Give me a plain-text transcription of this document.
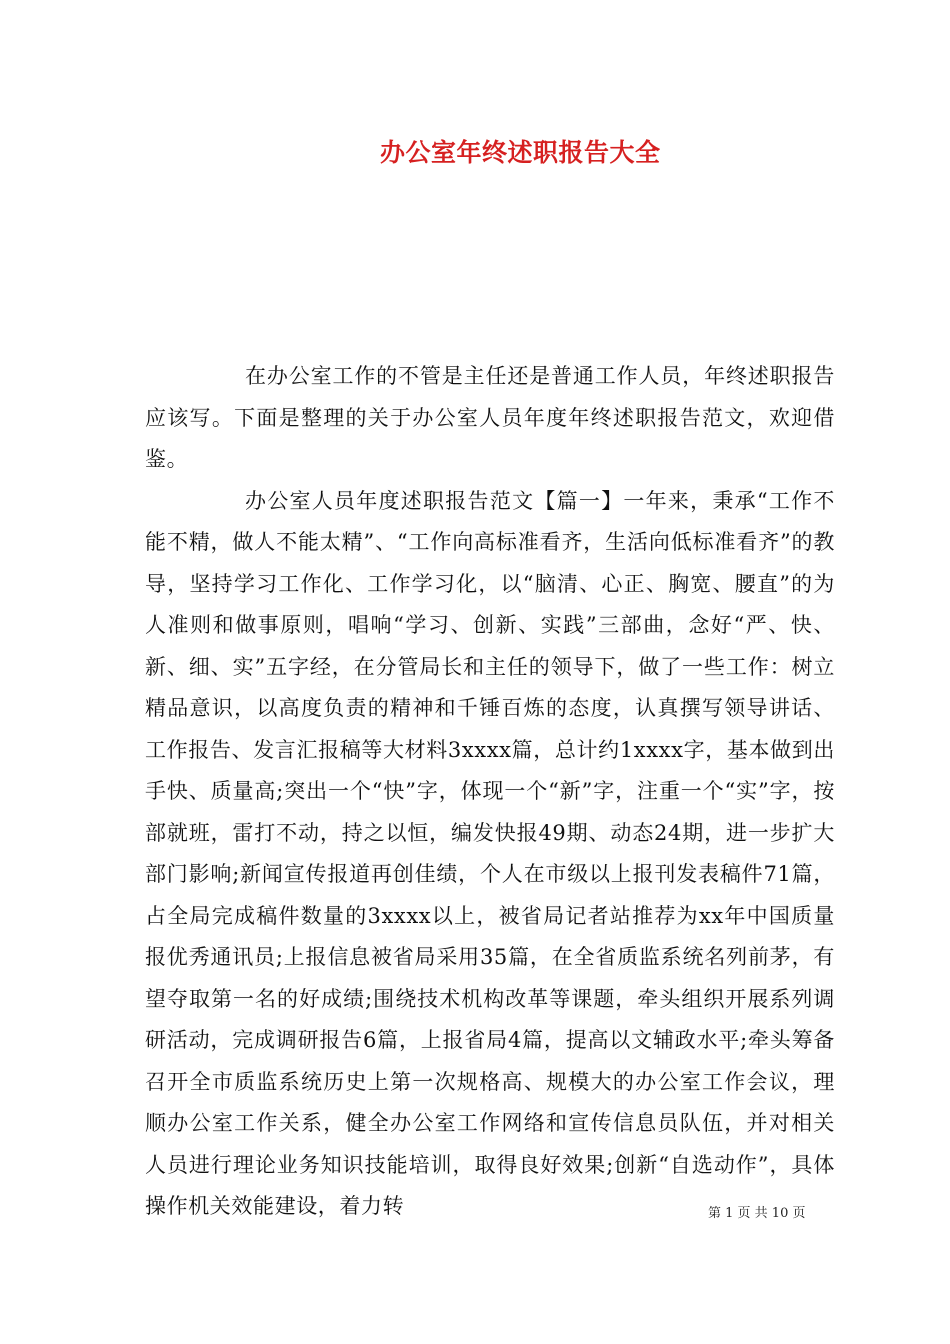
办公室年终述职报告大全

在办公室工作的不管是主任还是普通工作人员，年终述职报告应该写。下面是整理的关于办公室人员年度年终述职报告范文，欢迎借鉴。

办公室人员年度述职报告范文【篇一】一年来，秉承“工作不能不精，做人不能太精”、“工作向高标准看齐，生活向低标准看齐”的教导，坚持学习工作化、工作学习化，以“脑清、心正、胸宽、腰直”的为人准则和做事原则，唱响“学习、创新、实践”三部曲，念好“严、快、新、细、实”五字经，在分管局长和主任的领导下，做了一些工作：树立精品意识，以高度负责的精神和千锤百炼的态度，认真撰写领导讲话、工作报告、发言汇报稿等大材料3xxxx篇，总计约1xxxx字，基本做到出手快、质量高;突出一个“快”字，体现一个“新”字，注重一个“实”字，按部就班，雷打不动，持之以恒，编发快报49期、动态24期，进一步扩大部门影响;新闻宣传报道再创佳绩，个人在市级以上报刊发表稿件71篇，占全局完成稿件数量的3xxxx以上，被省局记者站推荐为xx年中国质量报优秀通讯员;上报信息被省局采用35篇，在全省质监系统名列前茅，有望夺取第一名的好成绩;围绕技术机构改革等课题，牵头组织开展系列调研活动，完成调研报告6篇，上报省局4篇，提高以文辅政水平;牵头筹备召开全市质监系统历史上第一次规格高、规模大的办公室工作会议，理顺办公室工作关系，健全办公室工作网络和宣传信息员队伍，并对相关人员进行理论业务知识技能培训，取得良好效果;创新“自选动作”，具体操作机关效能建设，着力转	第 1 页 共 10 页
